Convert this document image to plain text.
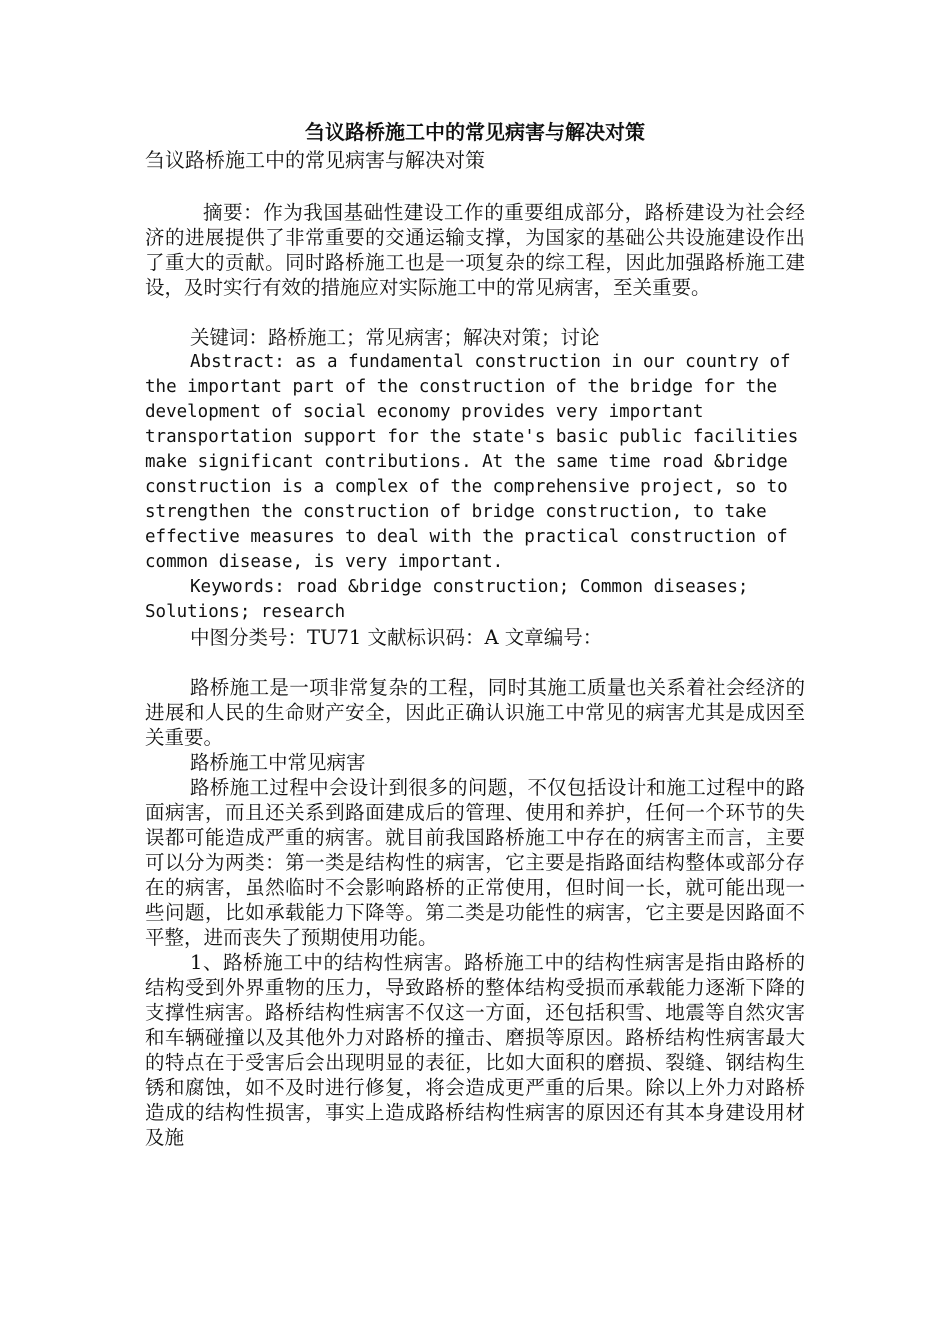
刍议路桥施工中的常见病害与解决对策

刍议路桥施工中的常见病害与解决对策

摘要：作为我国基础性建设工作的重要组成部分，路桥建设为社会经济的进展提供了非常重要的交通运输支撑，为国家的基础公共设施建设作出了重大的贡献。同时路桥施工也是一项复杂的综工程，因此加强路桥施工建设，及时实行有效的措施应对实际施工中的常见病害，至关重要。

关键词：路桥施工；常见病害；解决对策；讨论

Abstract: as a fundamental construction in our country of the important part of the construction of the bridge for the development of social economy provides very important transportation support for the state's basic public facilities make significant contributions. At the same time road &bridge construction is a complex of the comprehensive project, so to strengthen the construction of bridge construction, to take effective measures to deal with the practical construction of common disease, is very important.

Keywords: road &bridge construction; Common diseases; Solutions; research

中图分类号：TU71 文献标识码：A 文章编号：

路桥施工是一项非常复杂的工程，同时其施工质量也关系着社会经济的进展和人民的生命财产安全，因此正确认识施工中常见的病害尤其是成因至关重要。

路桥施工中常见病害

路桥施工过程中会设计到很多的问题，不仅包括设计和施工过程中的路面病害，而且还关系到路面建成后的管理、使用和养护，任何一个环节的失误都可能造成严重的病害。就目前我国路桥施工中存在的病害主而言，主要可以分为两类：第一类是结构性的病害，它主要是指路面结构整体或部分存在的病害，虽然临时不会影响路桥的正常使用，但时间一长，就可能出现一些问题，比如承载能力下降等。第二类是功能性的病害，它主要是因路面不平整，进而丧失了预期使用功能。

1、路桥施工中的结构性病害。路桥施工中的结构性病害是指由路桥的结构受到外界重物的压力，导致路桥的整体结构受损而承载能力逐渐下降的支撑性病害。路桥结构性病害不仅这一方面，还包括积雪、地震等自然灾害和车辆碰撞以及其他外力对路桥的撞击、磨损等原因。路桥结构性病害最大的特点在于受害后会出现明显的表征，比如大面积的磨损、裂缝、钢结构生锈和腐蚀，如不及时进行修复，将会造成更严重的后果。除以上外力对路桥造成的结构性损害，事实上造成路桥结构性病害的原因还有其本身建设用材及施
